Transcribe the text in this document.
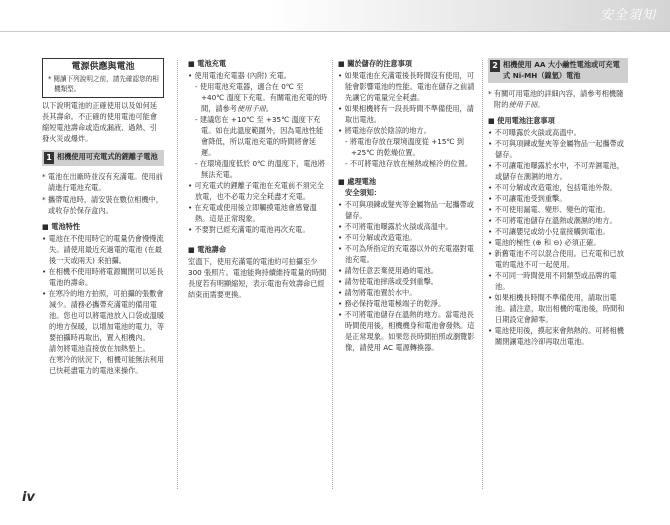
安全須知
電源供應與電池
* 閱讀下列說明之前，請先確認您的相機類型。

以下說明電池的正確使用以及如何延長其壽命。不正確的使用電池可能會縮短電池壽命或造成漏液、過熱、引發火災或爆炸。

1 相機使用可充電式的鋰離子電池

* 電池在出廠時並沒有充滿電。使用前請進行電池充電。

* 攜帶電池時，請安裝在數位相機中，或收存於保存盒內。

■ 電池特性
• 電池在不使用時它的電量仍會慢慢流失。請使用最近充過電的電池 (在最後一天或兩天) 來拍攝。
• 在相機不使用時將電源關閉可以延長電池的壽命。
• 在寒冷的地方拍照，可拍攝的張數會減少。請務必攜帶充滿電的備用電池。您也可以將電池放入口袋或溫暖的地方保暖，以增加電池的電力，等要拍攝時再取出，置入相機內。
請勿將電池直接放在加熱墊上。
在寒冷的狀況下，相機可能無法利用已快耗盡電力的電池來操作。
■ 電池充電
• 使用電池充電器 (內附) 充電。
- 使用電池充電器，適合在 0℃ 至 +40℃ 溫度下充電。有關電池充電的時間，請參考使用手冊。
- 建議您在 +10℃ 至 +35℃ 溫度下充電。如在此溫度範圍外，因為電池性能會降低，所以電池充電的時間將會延遲。
- 在環境溫度低於 0℃ 的溫度下，電池將無法充電。
• 可充電式的鋰離子電池在充電前不須完全放電，也不必電力完全耗盡才充電。
• 在充電或使用後立即觸摸電池會感覺溫熱。這是正常現象。
• 不要對已經充滿電的電池再次充電。
■ 電池壽命

室溫下，使用充滿電的電池約可拍攝至少 300 張照片。電池能夠持續維持電量的時間長度若有明顯縮短，表示電池有效壽命已經結束而需要更換。

■ 關於儲存的注意事項
• 如果電池在充滿電後長時間沒有使用，可能會影響電池的性能。電池在儲存之前請先讓它的電量完全耗盡。
• 如果相機將有一段長時間不準備使用，請取出電池。
• 將電池存放於陰涼的地方。
- 將電池存放在環境溫度從 +15℃ 到 +25℃ 的乾燥位置。
- 不可將電池存放在極熱或極冷的位置。
■ 處理電池
安全須知：
• 不可與項鍊或髮夾等金屬物品一起攜帶或儲存。
• 不可將電池曝露於火燄或高溫中。
• 不可分解或改造電池。
• 不可為所指定的充電器以外的充電器對電池充電。
• 請勿任意丟棄使用過的電池。
• 請勿使電池摔落或受到重擊。
• 請勿將電池置於水中。
• 務必保持電池電極端子的乾淨。
• 不可將電池儲存在溫熱的地方。當電池長時間使用後，相機機身和電池會發熱。這是正常現象。如果您長時間拍照或瀏覽影像，請使用 AC 電源轉換器。
2 相機使用 AA 大小鹼性電池或可充電式 Ni-MH（鎳氫）電池

* 有關可用電池的詳細內容，請參考相機隨附的使用手冊。

■ 使用電池注意事項
• 不可曝露於火燄或高溫中。
• 不可與項鍊或髮夾等金屬物品一起攜帶或儲存。
• 不可讓電池曝露於水中，不可弄濕電池，或儲存在潮濕的地方。
• 不可分解或改造電池，包括電池外殼。
• 不可讓電池受到重擊。
• 不可使用漏電、變形、變色的電池。
• 不可將電池儲存在溫熱或潮濕的地方。
• 不可讓嬰兒或幼小兒童接觸到電池。
• 電池的極性 (⊕ 和 ⊖) 必須正確。
• 新舊電池不可以混合使用。已充電和已放電的電池不可一起使用。
• 不可同一時間使用不同類型或品牌的電池。
• 如果相機長時間不準備使用，請取出電池。請注意，取出相機的電池後，時間和日期設定會歸零。
• 電池使用後，摸起來會熱熱的。可將相機關閉讓電池冷卻再取出電池。
iv
